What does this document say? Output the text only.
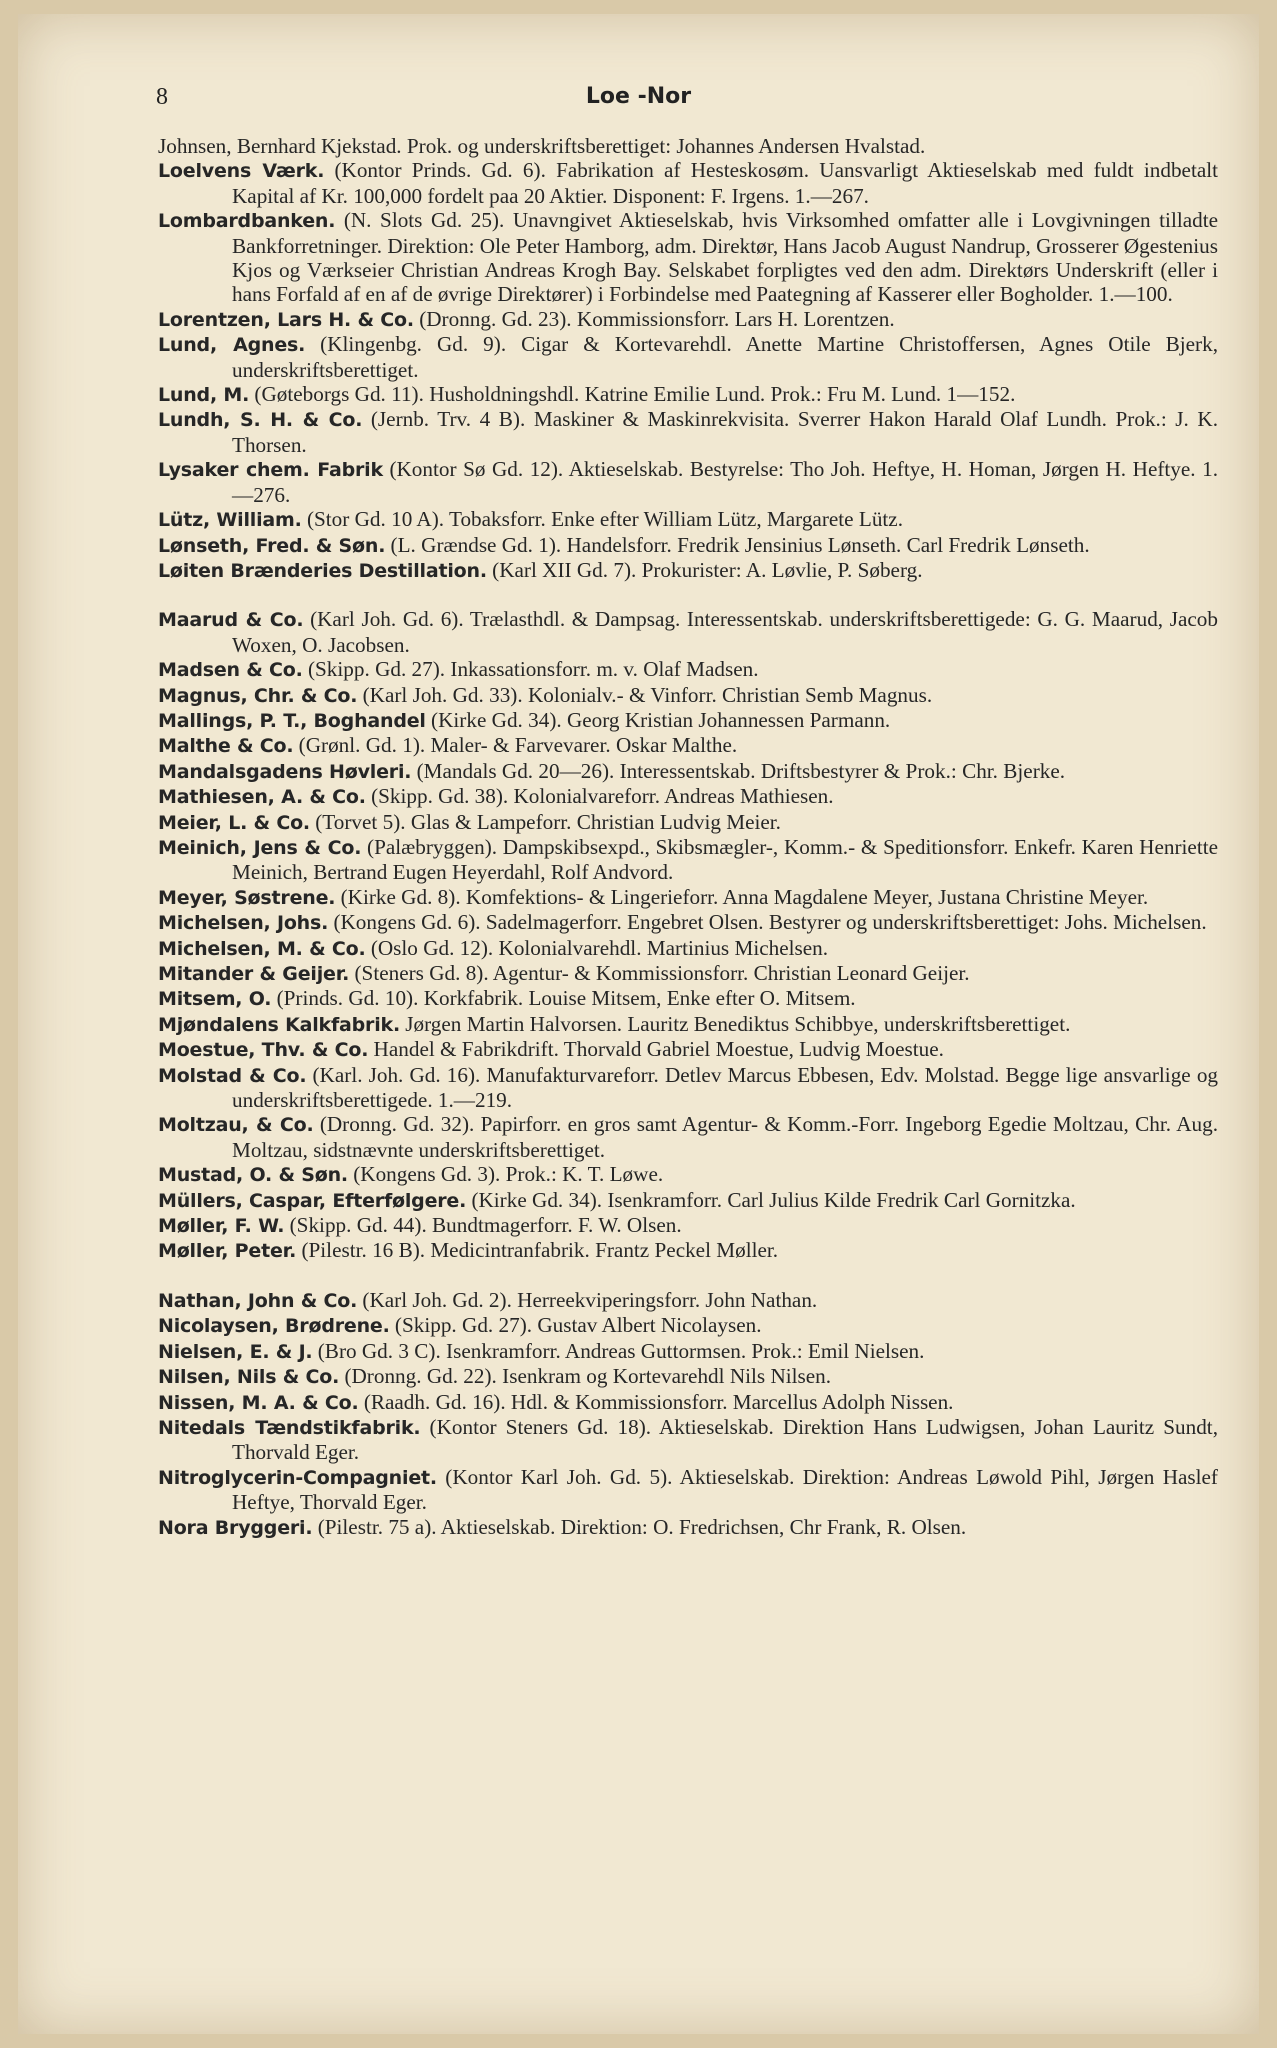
8	Loe -Nor
Johnsen, Bernhard Kjekstad. Prok. og underskriftsberettiget: Johannes Andersen Hvalstad.
Loelvens Værk. (Kontor Prinds. Gd. 6). Fabrikation af Hesteskosøm. Uansvarligt Aktieselskab med fuldt indbetalt Kapital af Kr. 100,000 fordelt paa 20 Aktier. Disponent: F. Irgens. 1.—267.
Lombardbanken. (N. Slots Gd. 25). Unavngivet Aktieselskab, hvis Virksomhed omfatter alle i Lovgivningen tilladte Bankforretninger. Direktion: Ole Peter Hamborg, adm. Direktør, Hans Jacob August Nandrup, Grosserer Øgestenius Kjos og Værkseier Christian Andreas Krogh Bay. Selskabet forpligtes ved den adm. Direktørs Underskrift (eller i hans Forfald af en af de øvrige Direktører) i Forbindelse med Paategning af Kasserer eller Bogholder. 1.—100.
Lorentzen, Lars H. & Co. (Dronng. Gd. 23). Kommissionsforr. Lars H. Lorentzen.
Lund, Agnes. (Klingenbg. Gd. 9). Cigar & Kortevarehdl. Anette Martine Christoffersen, Agnes Otile Bjerk, underskriftsberettiget.
Lund, M. (Gøteborgs Gd. 11). Husholdningshdl. Katrine Emilie Lund. Prok.: Fru M. Lund. 1—152.
Lundh, S. H. & Co. (Jernb. Trv. 4 B). Maskiner & Maskinrekvisita. Sverrer Hakon Harald Olaf Lundh. Prok.: J. K. Thorsen.
Lysaker chem. Fabrik (Kontor Sø Gd. 12). Aktieselskab. Bestyrelse: Tho Joh. Heftye, H. Homan, Jørgen H. Heftye. 1.—276.
Lütz, William. (Stor Gd. 10 A). Tobaksforr. Enke efter William Lütz, Margarete Lütz.
Lønseth, Fred. & Søn. (L. Grændse Gd. 1). Handelsforr. Fredrik Jensinius Lønseth. Carl Fredrik Lønseth.
Løiten Brænderies Destillation. (Karl XII Gd. 7). Prokurister: A. Løvlie, P. Søberg.
Maarud & Co. (Karl Joh. Gd. 6). Trælasthdl. & Dampsag. Interessentskab. underskriftsberettigede: G. G. Maarud, Jacob Woxen, O. Jacobsen.
Madsen & Co. (Skipp. Gd. 27). Inkassationsforr. m. v. Olaf Madsen.
Magnus, Chr. & Co. (Karl Joh. Gd. 33). Kolonialv.- & Vinforr. Christian Semb Magnus.
Mallings, P. T., Boghandel (Kirke Gd. 34). Georg Kristian Johannessen Parmann.
Malthe & Co. (Grønl. Gd. 1). Maler- & Farvevarer. Oskar Malthe.
Mandalsgadens Høvleri. (Mandals Gd. 20—26). Interessentskab. Driftsbestyrer & Prok.: Chr. Bjerke.
Mathiesen, A. & Co. (Skipp. Gd. 38). Kolonialvareforr. Andreas Mathiesen.
Meier, L. & Co. (Torvet 5). Glas & Lampeforr. Christian Ludvig Meier.
Meinich, Jens & Co. (Palæbryggen). Dampskibsexpd., Skibsmægler-, Komm.- & Speditionsforr. Enkefr. Karen Henriette Meinich, Bertrand Eugen Heyerdahl, Rolf Andvord.
Meyer, Søstrene. (Kirke Gd. 8). Komfektions- & Lingerieforr. Anna Magdalene Meyer, Justana Christine Meyer.
Michelsen, Johs. (Kongens Gd. 6). Sadelmagerforr. Engebret Olsen. Bestyrer og underskriftsberettiget: Johs. Michelsen.
Michelsen, M. & Co. (Oslo Gd. 12). Kolonialvarehdl. Martinius Michelsen.
Mitander & Geijer. (Steners Gd. 8). Agentur- & Kommissionsforr. Christian Leonard Geijer.
Mitsem, O. (Prinds. Gd. 10). Korkfabrik. Louise Mitsem, Enke efter O. Mitsem.
Mjøndalens Kalkfabrik. Jørgen Martin Halvorsen. Lauritz Benediktus Schibbye, underskriftsberettiget.
Moestue, Thv. & Co. Handel & Fabrikdrift. Thorvald Gabriel Moestue, Ludvig Moestue.
Molstad & Co. (Karl. Joh. Gd. 16). Manufakturvareforr. Detlev Marcus Ebbesen, Edv. Molstad. Begge lige ansvarlige og underskriftsberettigede. 1.—219.
Moltzau, & Co. (Dronng. Gd. 32). Papirforr. en gros samt Agentur- & Komm.-Forr. Ingeborg Egedie Moltzau, Chr. Aug. Moltzau, sidstnævnte underskriftsberettiget.
Mustad, O. & Søn. (Kongens Gd. 3). Prok.: K. T. Løwe.
Müllers, Caspar, Efterfølgere. (Kirke Gd. 34). Isenkramforr. Carl Julius Kilde Fredrik Carl Gornitzka.
Møller, F. W. (Skipp. Gd. 44). Bundtmagerforr. F. W. Olsen.
Møller, Peter. (Pilestr. 16 B). Medicintranfabrik. Frantz Peckel Møller.
Nathan, John & Co. (Karl Joh. Gd. 2). Herreekviperingsforr. John Nathan.
Nicolaysen, Brødrene. (Skipp. Gd. 27). Gustav Albert Nicolaysen.
Nielsen, E. & J. (Bro Gd. 3 C). Isenkramforr. Andreas Guttormsen. Prok.: Emil Nielsen.
Nilsen, Nils & Co. (Dronng. Gd. 22). Isenkram og Kortevarehdl Nils Nilsen.
Nissen, M. A. & Co. (Raadh. Gd. 16). Hdl. & Kommissionsforr. Marcellus Adolph Nissen.
Nitedals Tændstikfabrik. (Kontor Steners Gd. 18). Aktieselskab. Direktion Hans Ludwigsen, Johan Lauritz Sundt, Thorvald Eger.
Nitroglycerin-Compagniet. (Kontor Karl Joh. Gd. 5). Aktieselskab. Direktion: Andreas Løwold Pihl, Jørgen Haslef Heftye, Thorvald Eger.
Nora Bryggeri. (Pilestr. 75 a). Aktieselskab. Direktion: O. Fredrichsen, Chr Frank, R. Olsen.
